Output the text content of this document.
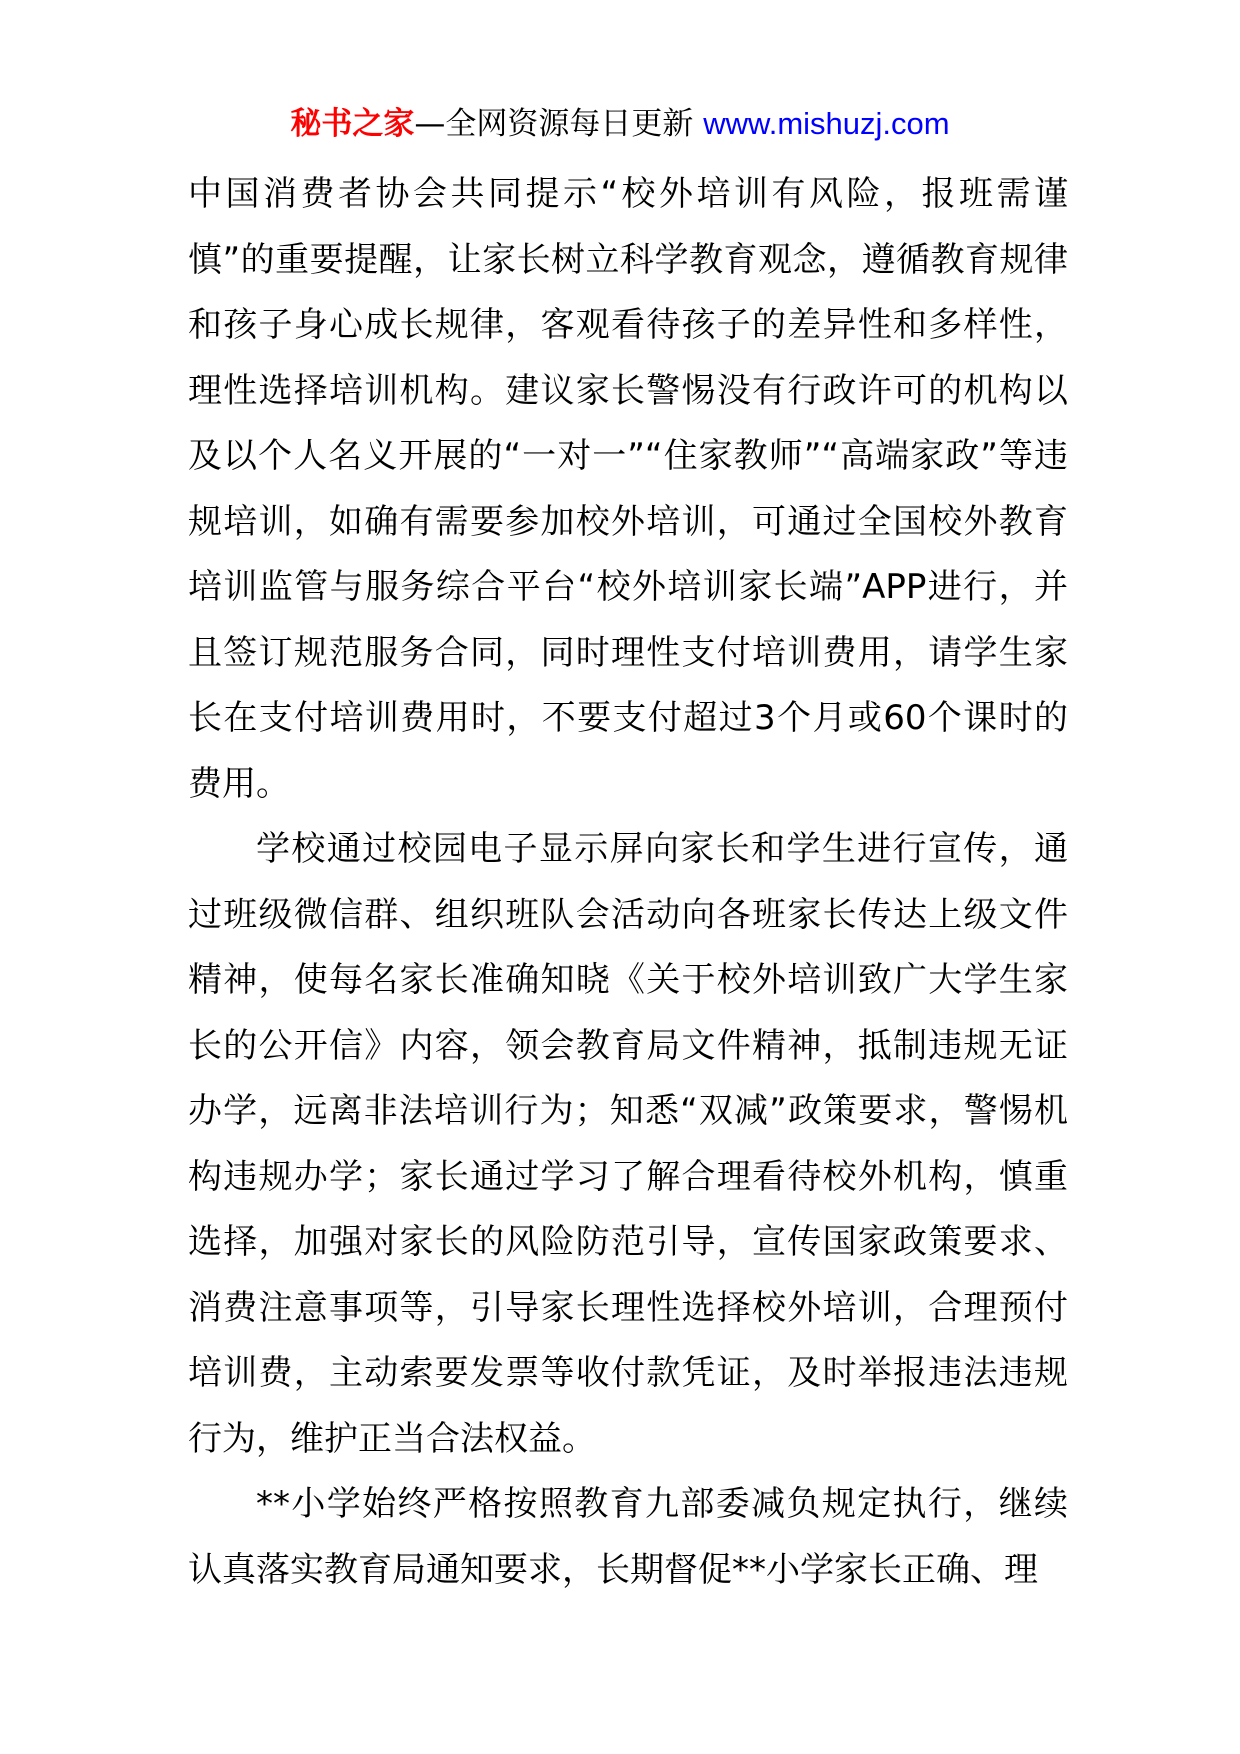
秘书之家—全网资源每日更新 www.mishuzj.com

中国消费者协会共同提示“校外培训有风险，报班需谨慎”的重要提醒，让家长树立科学教育观念，遵循教育规律和孩子身心成长规律，客观看待孩子的差异性和多样性，理性选择培训机构。建议家长警惕没有行政许可的机构以及以个人名义开展的“一对一”“住家教师”“高端家政”等违规培训，如确有需要参加校外培训，可通过全国校外教育培训监管与服务综合平台“校外培训家长端”APP进行，并且签订规范服务合同，同时理性支付培训费用，请学生家长在支付培训费用时，不要支付超过3个月或60个课时的费用。

学校通过校园电子显示屏向家长和学生进行宣传，通过班级微信群、组织班队会活动向各班家长传达上级文件精神，使每名家长准确知晓《关于校外培训致广大学生家长的公开信》内容，领会教育局文件精神，抵制违规无证办学，远离非法培训行为；知悉“双减”政策要求，警惕机构违规办学；家长通过学习了解合理看待校外机构，慎重选择，加强对家长的风险防范引导，宣传国家政策要求、消费注意事项等，引导家长理性选择校外培训，合理预付培训费，主动索要发票等收付款凭证，及时举报违法违规行为，维护正当合法权益。

**小学始终严格按照教育九部委减负规定执行，继续认真落实教育局通知要求，长期督促**小学家长正确、理
